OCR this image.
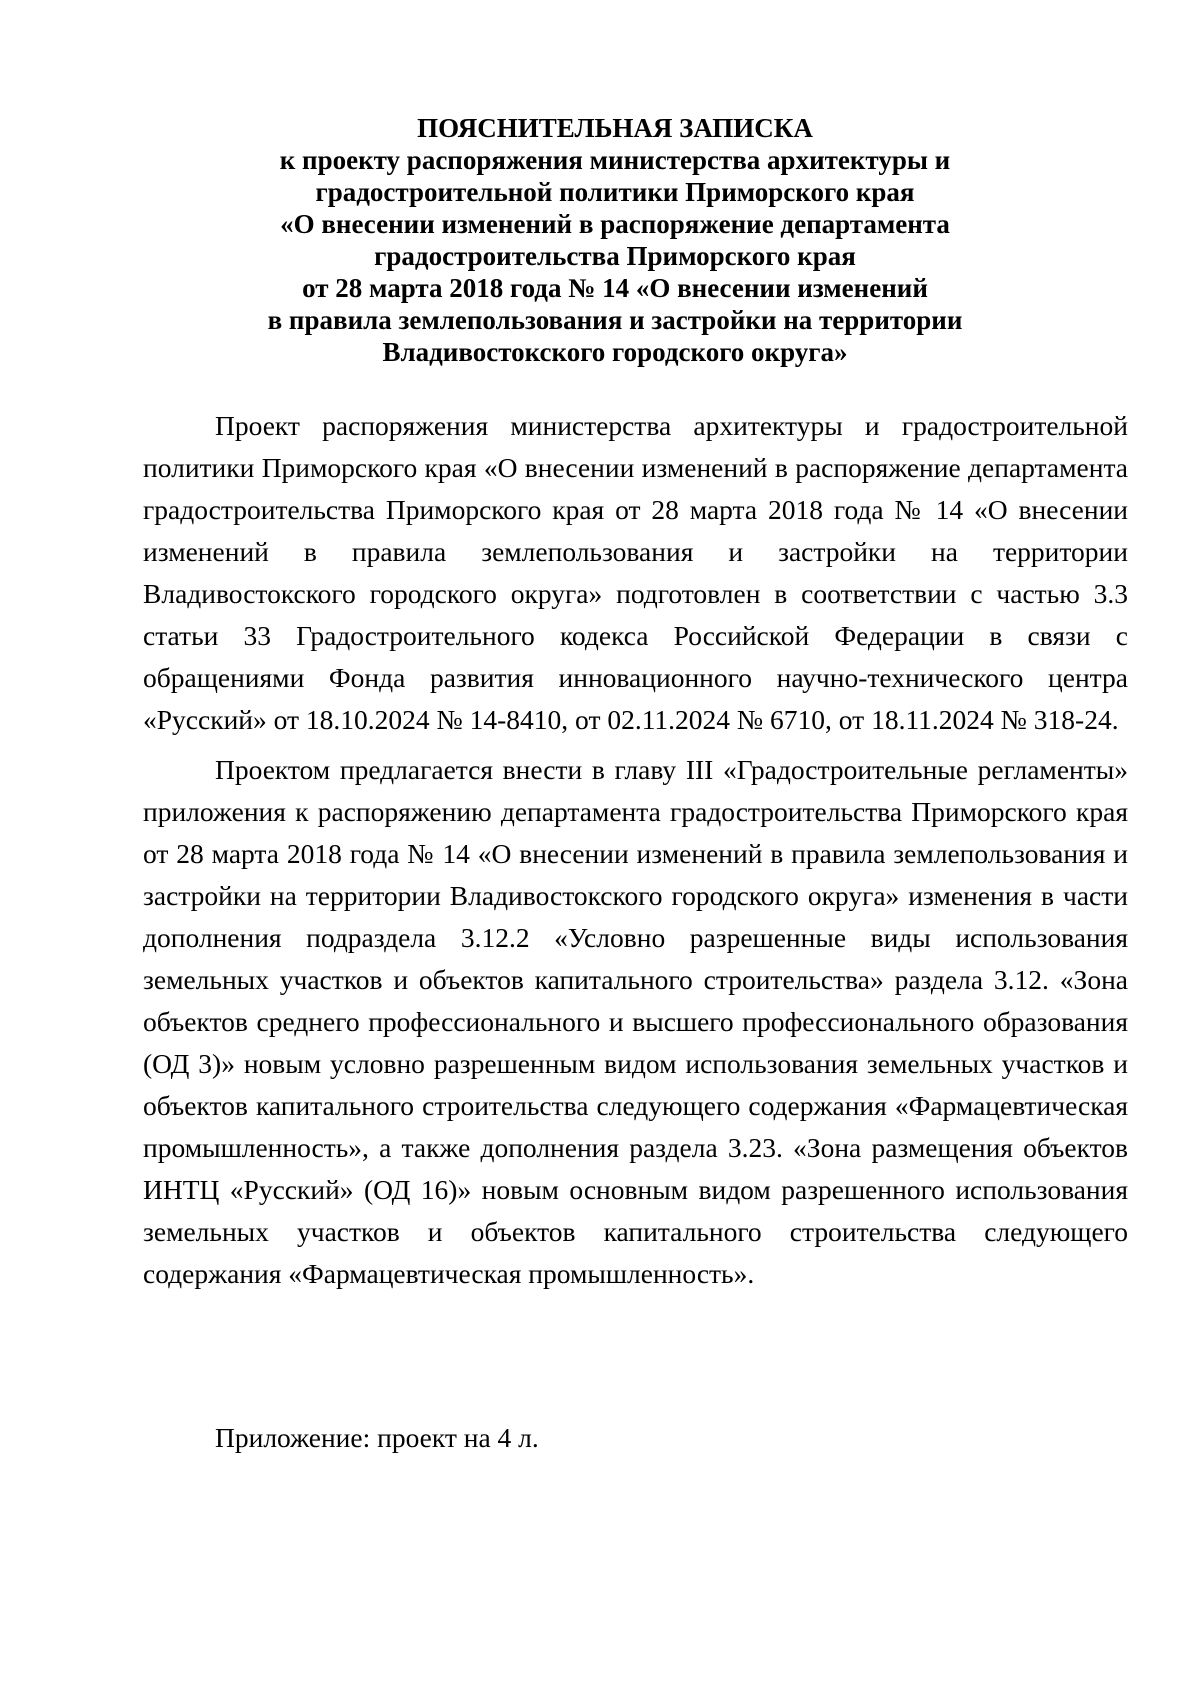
ПОЯСНИТЕЛЬНАЯ ЗАПИСКА
к проекту распоряжения министерства архитектуры и
градостроительной политики Приморского края
«О внесении изменений в распоряжение департамента
градостроительства Приморского края
от 28 марта 2018 года № 14 «О внесении изменений
в правила землепользования и застройки на территории
Владивостокского городского округа»

Проект распоряжения министерства архитектуры и градостроительной политики Приморского края «О внесении изменений в распоряжение департамента градостроительства Приморского края от 28 марта 2018 года № 14 «О внесении изменений в правила землепользования и застройки на территории Владивостокского городского округа» подготовлен в соответствии с частью 3.3 статьи 33 Градостроительного кодекса Российской Федерации в связи с обращениями Фонда развития инновационного научно-технического центра «Русский» от 18.10.2024 № 14-8410, от 02.11.2024 № 6710, от 18.11.2024 № 318-24.

Проектом предлагается внести в главу III «Градостроительные регламенты» приложения к распоряжению департамента градостроительства Приморского края от 28 марта 2018 года № 14 «О внесении изменений в правила землепользования и застройки на территории Владивостокского городского округа» изменения в части дополнения подраздела 3.12.2 «Условно разрешенные виды использования земельных участков и объектов капитального строительства» раздела 3.12. «Зона объектов среднего профессионального и высшего профессионального образования (ОД 3)» новым условно разрешенным видом использования земельных участков и объектов капитального строительства следующего содержания «Фармацевтическая промышленность», а также дополнения раздела 3.23. «Зона размещения объектов ИНТЦ «Русский» (ОД 16)» новым основным видом разрешенного использования земельных участков и объектов капитального строительства следующего содержания «Фармацевтическая промышленность».

Приложение: проект на 4 л.
